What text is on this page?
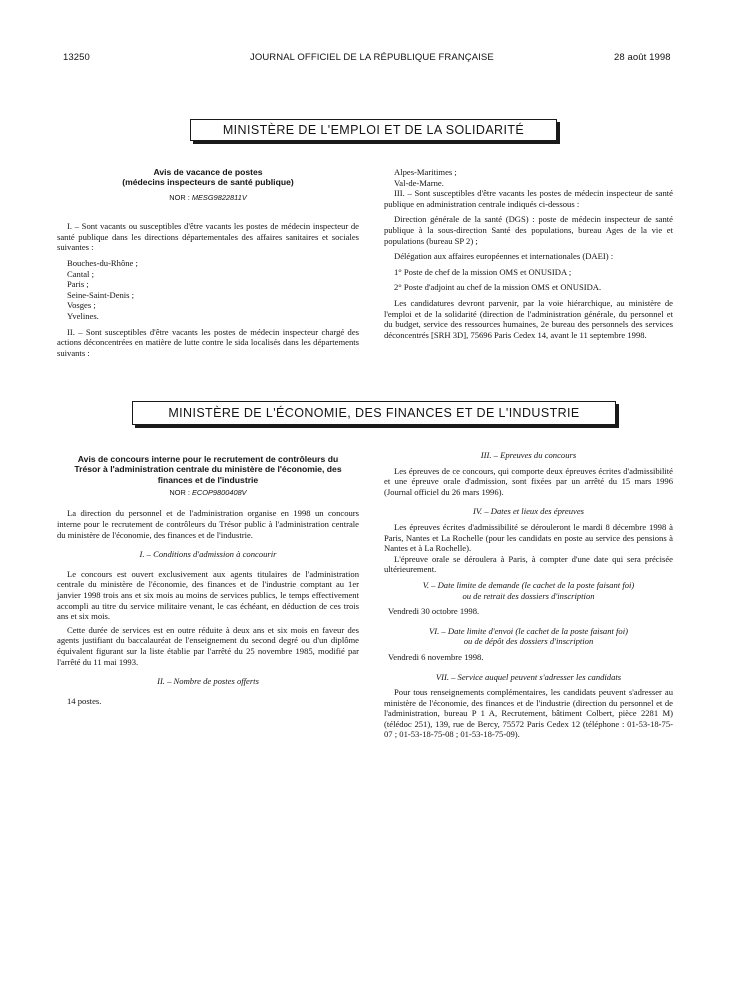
13250	JOURNAL OFFICIEL DE LA RÉPUBLIQUE FRANÇAISE	28 août 1998
MINISTÈRE DE L'EMPLOI ET DE LA SOLIDARITÉ
Avis de vacance de postes
(médecins inspecteurs de santé publique)
NOR : MESG9822811V

I. – Sont vacants ou susceptibles d'être vacants les postes de médecin inspecteur de santé publique dans les directions départementales des affaires sanitaires et sociales suivantes :

Bouches-du-Rhône ;

Cantal ;

Paris ;

Seine-Saint-Denis ;

Vosges ;

Yvelines.

II. – Sont susceptibles d'être vacants les postes de médecin inspecteur chargé des actions déconcentrées en matière de lutte contre le sida localisés dans les départements suivants :

Alpes-Maritimes ;

Val-de-Marne.

III. – Sont susceptibles d'être vacants les postes de médecin inspecteur de santé publique en administration centrale indiqués ci-dessous :

Direction générale de la santé (DGS) : poste de médecin inspecteur de santé publique à la sous-direction Santé des populations, bureau Ages de la vie et populations (bureau SP 2) ;

Délégation aux affaires européennes et internationales (DAEI) :

1° Poste de chef de la mission OMS et ONUSIDA ;

2° Poste d'adjoint au chef de la mission OMS et ONUSIDA.

Les candidatures devront parvenir, par la voie hiérarchique, au ministère de l'emploi et de la solidarité (direction de l'administration générale, du personnel et du budget, service des ressources humaines, 2e bureau des personnels des services déconcentrés [SRH 3D], 75696 Paris Cedex 14, avant le 11 septembre 1998.

MINISTÈRE DE L'ÉCONOMIE, DES FINANCES ET DE L'INDUSTRIE
Avis de concours interne pour le recrutement de contrôleurs du Trésor à l'administration centrale du ministère de l'économie, des finances et de l'industrie
NOR : ECOP9800408V

La direction du personnel et de l'administration organise en 1998 un concours interne pour le recrutement de contrôleurs du Trésor public à l'administration centrale du ministère de l'économie, des finances et de l'industrie.

I. – Conditions d'admission à concourir

Le concours est ouvert exclusivement aux agents titulaires de l'administration centrale du ministère de l'économie, des finances et de l'industrie comptant au 1er janvier 1998 trois ans et six mois au moins de services publics, le temps effectivement accompli au titre du service militaire venant, le cas échéant, en déduction de ces trois ans et six mois.

Cette durée de services est en outre réduite à deux ans et six mois en faveur des agents justifiant du baccalauréat de l'enseignement du second degré ou d'un diplôme équivalent figurant sur la liste établie par l'arrêté du 25 novembre 1985, modifié par l'arrêté du 11 mai 1993.

II. – Nombre de postes offerts

14 postes.

III. – Epreuves du concours

Les épreuves de ce concours, qui comporte deux épreuves écrites d'admissibilité et une épreuve orale d'admission, sont fixées par un arrêté du 15 mars 1996 (Journal officiel du 26 mars 1996).

IV. – Dates et lieux des épreuves

Les épreuves écrites d'admissibilité se dérouleront le mardi 8 décembre 1998 à Paris, Nantes et La Rochelle (pour les candidats en poste au service des pensions à Nantes et à La Rochelle).

L'épreuve orale se déroulera à Paris, à compter d'une date qui sera précisée ultérieurement.

V. – Date limite de demande (le cachet de la poste faisant foi)

ou de retrait des dossiers d'inscription

Vendredi 30 octobre 1998.

VI. – Date limite d'envoi (le cachet de la poste faisant foi)

ou de dépôt des dossiers d'inscription

Vendredi 6 novembre 1998.

VII. – Service auquel peuvent s'adresser les candidats

Pour tous renseignements complémentaires, les candidats peuvent s'adresser au ministère de l'économie, des finances et de l'industrie (direction du personnel et de l'administration, bureau P 1 A, Recrutement, bâtiment Colbert, pièce 2281 M) (télédoc 251), 139, rue de Bercy, 75572 Paris Cedex 12 (téléphone : 01-53-18-75-07 ; 01-53-18-75-08 ; 01-53-18-75-09).
